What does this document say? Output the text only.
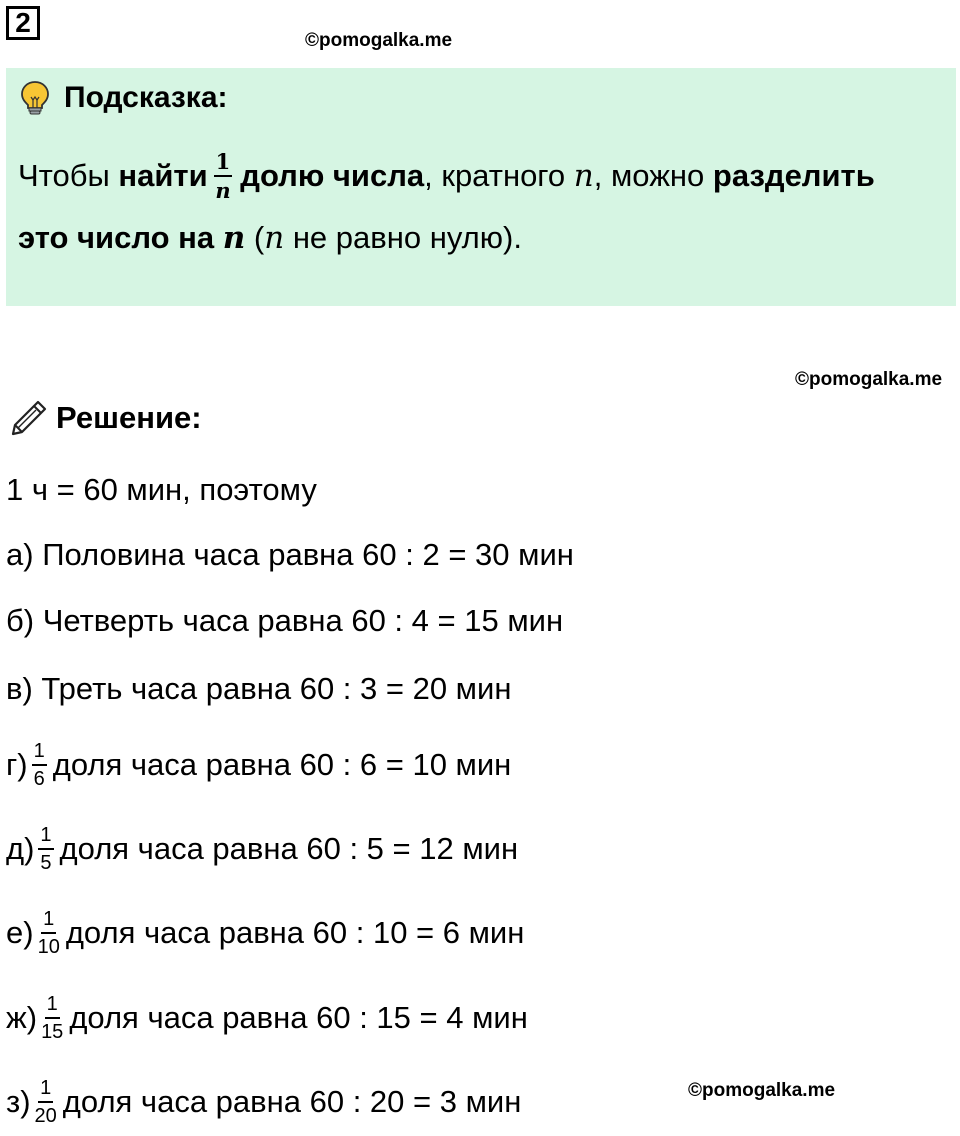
2
©pomogalka.me
Подсказка:
Чтобы найти $\frac{1}{n}$ долю числа , кратного n , можно разделить
это число на n ( n не равно нулю).
©pomogalka.me
Решение:
1 ч = 60 мин, поэтому
а)
Половина часа равна 60 : 2 = 30 мин
б)
Четверть часа равна 60 : 4 = 15 мин
в)
Треть часа равна 60 : 3 = 20 мин
$г) \frac{1}{6}$ доля часа равна 60 : 6 = 10 мин
$д) \frac{1}{5}$ доля часа равна 60 : 5 = 12 мин
$е) \frac{1}{10}$ доля часа равна 60 : 10 = 6 мин
$ж) \frac{1}{15}$ доля часа равна 60 : 15 = 4 мин
$з) \frac{1}{20}$ доля часа равна 60 : 20 = 3 мин	©pomogalka.me
